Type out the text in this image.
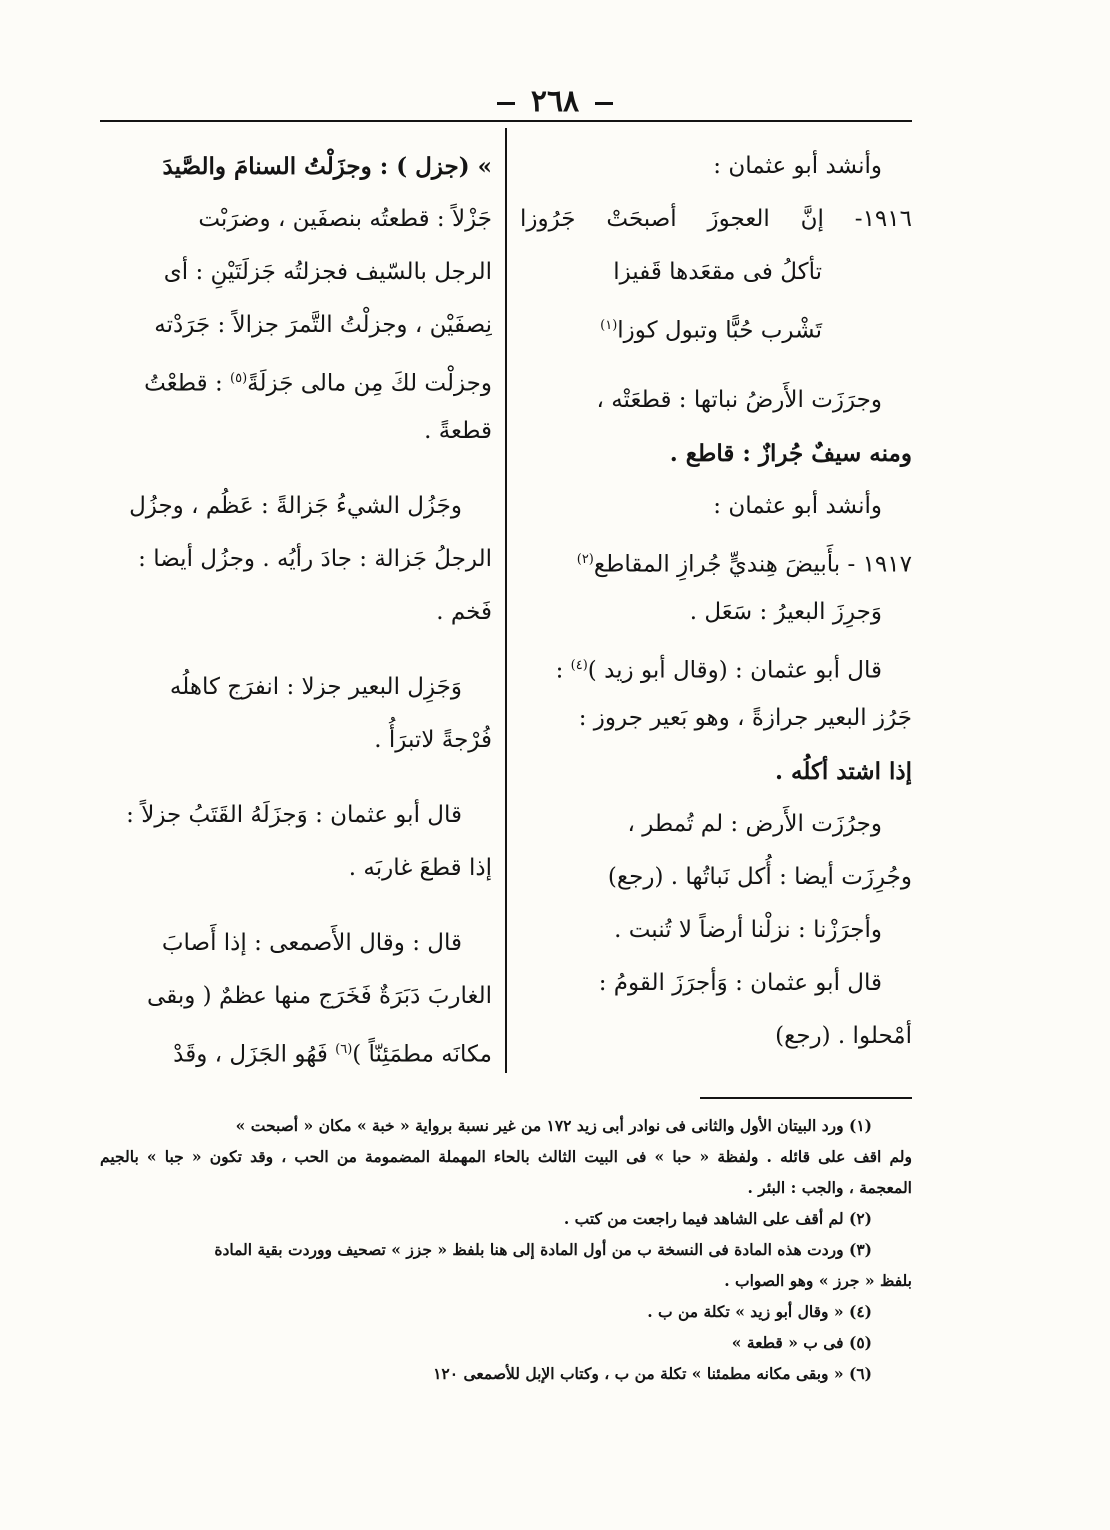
٢٦٨
وأنشد أبو عثمان :
١٩١٦- إنَّ العجوزَ أصبحَتْ جَرُوزا
تأكلُ فى مقعَدها قَفيزا
تَشْرب حُبًّا وتبول كوزا$^{(١)}$
وجرَزَت الأَرضُ نباتها : قطعَتْه ،
ومنه سيفٌ جُرازٌ : قاطع .
وأنشد أبو عثمان :
١٩١٧ - بأَبيضَ هِنديٍّ جُرازِ المقاطع$^{(٢)}$
وَجرِزَ البعيرُ : سَعَل .
قال أبو عثمان : (وقال أبو زيد )$^{(٤)}$ :
جَرُز البعير جرازةً ، وهو بَعير جروز :
إذا اشتد أكلُه .
وجرُزَت الأَرض : لم تُمطر ،
وجُرِزَت أيضا : أُكل نَباتُها . (رجع)
وأجرَزْنا : نزلْنا أرضاً لا تُنبت .
قال أبو عثمان : وَأجرَزَ القومُ :
أمْحلوا . (رجع)
» (جزل ) : وجزَلْتُ السنامَ والصَّيدَ
جَزْلاً : قطعتُه بنصفَين ، وضرَبْت
الرجل بالسّيف فجزلتُه جَزلَتَيْنِ : أى
نِصفَيْن ، وجزلْتُ التَّمرَ جزالاً : جَرَدْته
وجزلْت لكَ مِن مالى جَزلَةً$^{(٥)}$ : قطعْتُ
قطعةً .
وجَزُل الشيءُ جَزالةً : عَظُم ، وجزُل
الرجلُ جَزالة : جادَ رأيُه . وجزُل أيضا :
فَخم .
وَجَزِل البعير جزلا : انفرَج كاهلُه
فُرْجةً لاتبرَأُ .
قال أبو عثمان : وَجزَلَهُ القَتَبُ جزلاً :
إذا قطعَ غاربَه .
قال : وقال الأَصمعى : إذا أَصابَ
الغاربَ دَبَرَةٌ فَخَرَج منها عظمٌ ( وبقى
مكانَه مطمَئِنّاً )$^{(٦)}$ فَهُو الجَزَل ، وقَدْ
(١) ورد البيتان الأول والثانى فى نوادر أبى زيد ١٧٢ من غير نسبة برواية « خبة » مكان « أصبحت »
ولم اقف على قائله . ولفظة « حبا » فى البيت الثالث بالحاء المهملة المضمومة من الحب ، وقد تكون « جبا » بالجيم
المعجمة ، والجب : البئر .
(٢) لم أقف على الشاهد فيما راجعت من كتب .
(٣) وردت هذه المادة فى النسخة ب من أول المادة إلى هنا بلفظ « جزز » تصحيف ووردت بقية المادة
بلفظ « جرز » وهو الصواب .
(٤) « وقال أبو زيد » تكلة من ب .
(٥) فى ب « قطعة »
(٦) « وبقى مكانه مطمئنا » تكلة من ب ، وكتاب الإبل للأصمعى ١٢٠
